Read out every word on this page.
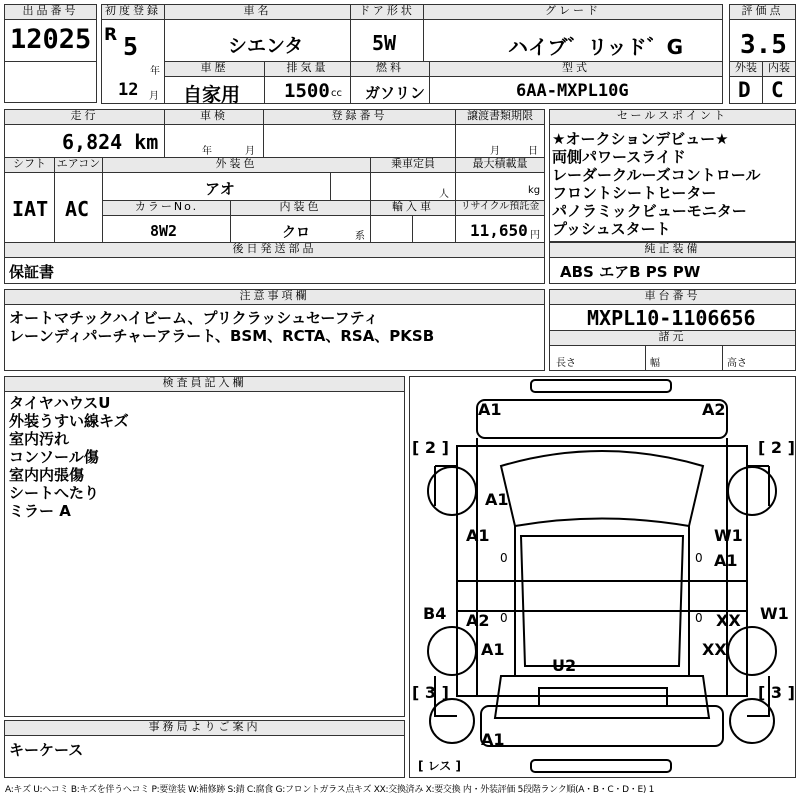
出品番号
12025
初度登録
R 5
年
12 月
車名
シエンタ
ドア形状
5W
グレード
ハイブ゛リッド゛G
評価点
3.5
車歴
自家用
排気量
1500 cc
燃料
ガソリン
型式
6AA-MXPL10G
外装
D
内装
C
走行
6,824 km
車検
年	月
登録番号	譲渡書類期限
月	日
シフト
IAT
エアコン
AC
外装色
アオ
乗車定員
人
最大積載量
kg
カラーNo.
8W2
内装色
クロ	系
輸入車	リサイクル預託金
11,650 円
後日発送部品
保証書
セールスポイント
★オークションデビュー★
両側パワースライド
レーダークルーズコントロール
フロントシートヒーター
パノラミックビューモニター
プッシュスタート
純正装備
ABS エアB PS PW
注意事項欄
オートマチックハイビーム、プリクラッシュセーフティ
レーンディパーチャーアラート、BSM、RCTA、RSA、PKSB
車台番号
MXPL10-1106656
諸元
長さ	幅	高さ
検査員記入欄
タイヤハウスU
外装うすい線キズ
室内汚れ
コンソール傷
室内内張傷
シートへたり
ミラー A
事務局よりご案内
キーケース
A1	A2
[ 2 ]	[ 2 ]
A1
A1	W1
A1
B4 A2	W1
XX
A1	XX
U2
[ 3 ]	[ 3 ]
A1
[ レス ]
0	0
0	0
A:キズ U:ヘコミ B:キズを伴うヘコミ P:要塗装 W:補修跡 S:錆 C:腐食 G:フロントガラス点キズ XX:交換済み X:要交換 内・外装評価 5段階ランク順(A・B・C・D・E) 1
